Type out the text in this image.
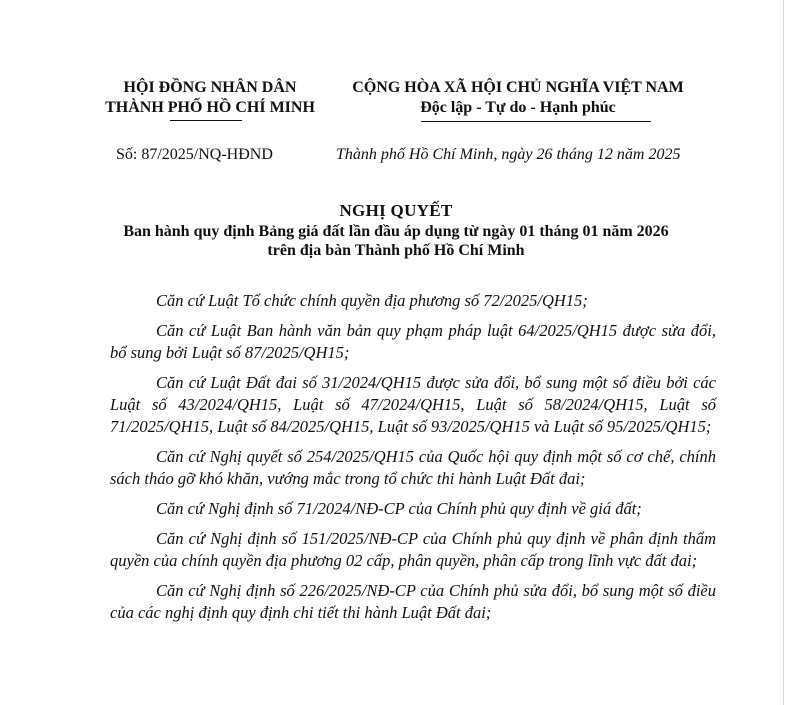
HỘI ĐỒNG NHÂN DÂN
THÀNH PHỐ HỒ CHÍ MINH
CỘNG HÒA XÃ HỘI CHỦ NGHĨA VIỆT NAM
Độc lập - Tự do - Hạnh phúc
Số: 87/2025/NQ-HĐND	Thành phố Hồ Chí Minh, ngày 26 tháng 12 năm 2025
NGHỊ QUYẾT
Ban hành quy định Bảng giá đất lần đầu áp dụng từ ngày 01 tháng 01 năm 2026
trên địa bàn Thành phố Hồ Chí Minh

Căn cứ Luật Tổ chức chính quyền địa phương số 72/2025/QH15;

Căn cứ Luật Ban hành văn bản quy phạm pháp luật 64/2025/QH15 được sửa đổi, bổ sung bởi Luật số 87/2025/QH15;

Căn cứ Luật Đất đai số 31/2024/QH15 được sửa đổi, bổ sung một số điều bởi các Luật số 43/2024/QH15, Luật số 47/2024/QH15, Luật số 58/2024/QH15, Luật số 71/2025/QH15, Luật số 84/2025/QH15, Luật số 93/2025/QH15 và Luật số 95/2025/QH15;

Căn cứ Nghị quyết số 254/2025/QH15 của Quốc hội quy định một số cơ chế, chính sách tháo gỡ khó khăn, vướng mắc trong tổ chức thi hành Luật Đất đai;

Căn cứ Nghị định số 71/2024/NĐ-CP của Chính phủ quy định về giá đất;

Căn cứ Nghị định số 151/2025/NĐ-CP của Chính phủ quy định về phân định thẩm quyền của chính quyền địa phương 02 cấp, phân quyền, phân cấp trong lĩnh vực đất đai;

Căn cứ Nghị định số 226/2025/NĐ-CP của Chính phủ sửa đổi, bổ sung một số điều của các nghị định quy định chi tiết thi hành Luật Đất đai;
